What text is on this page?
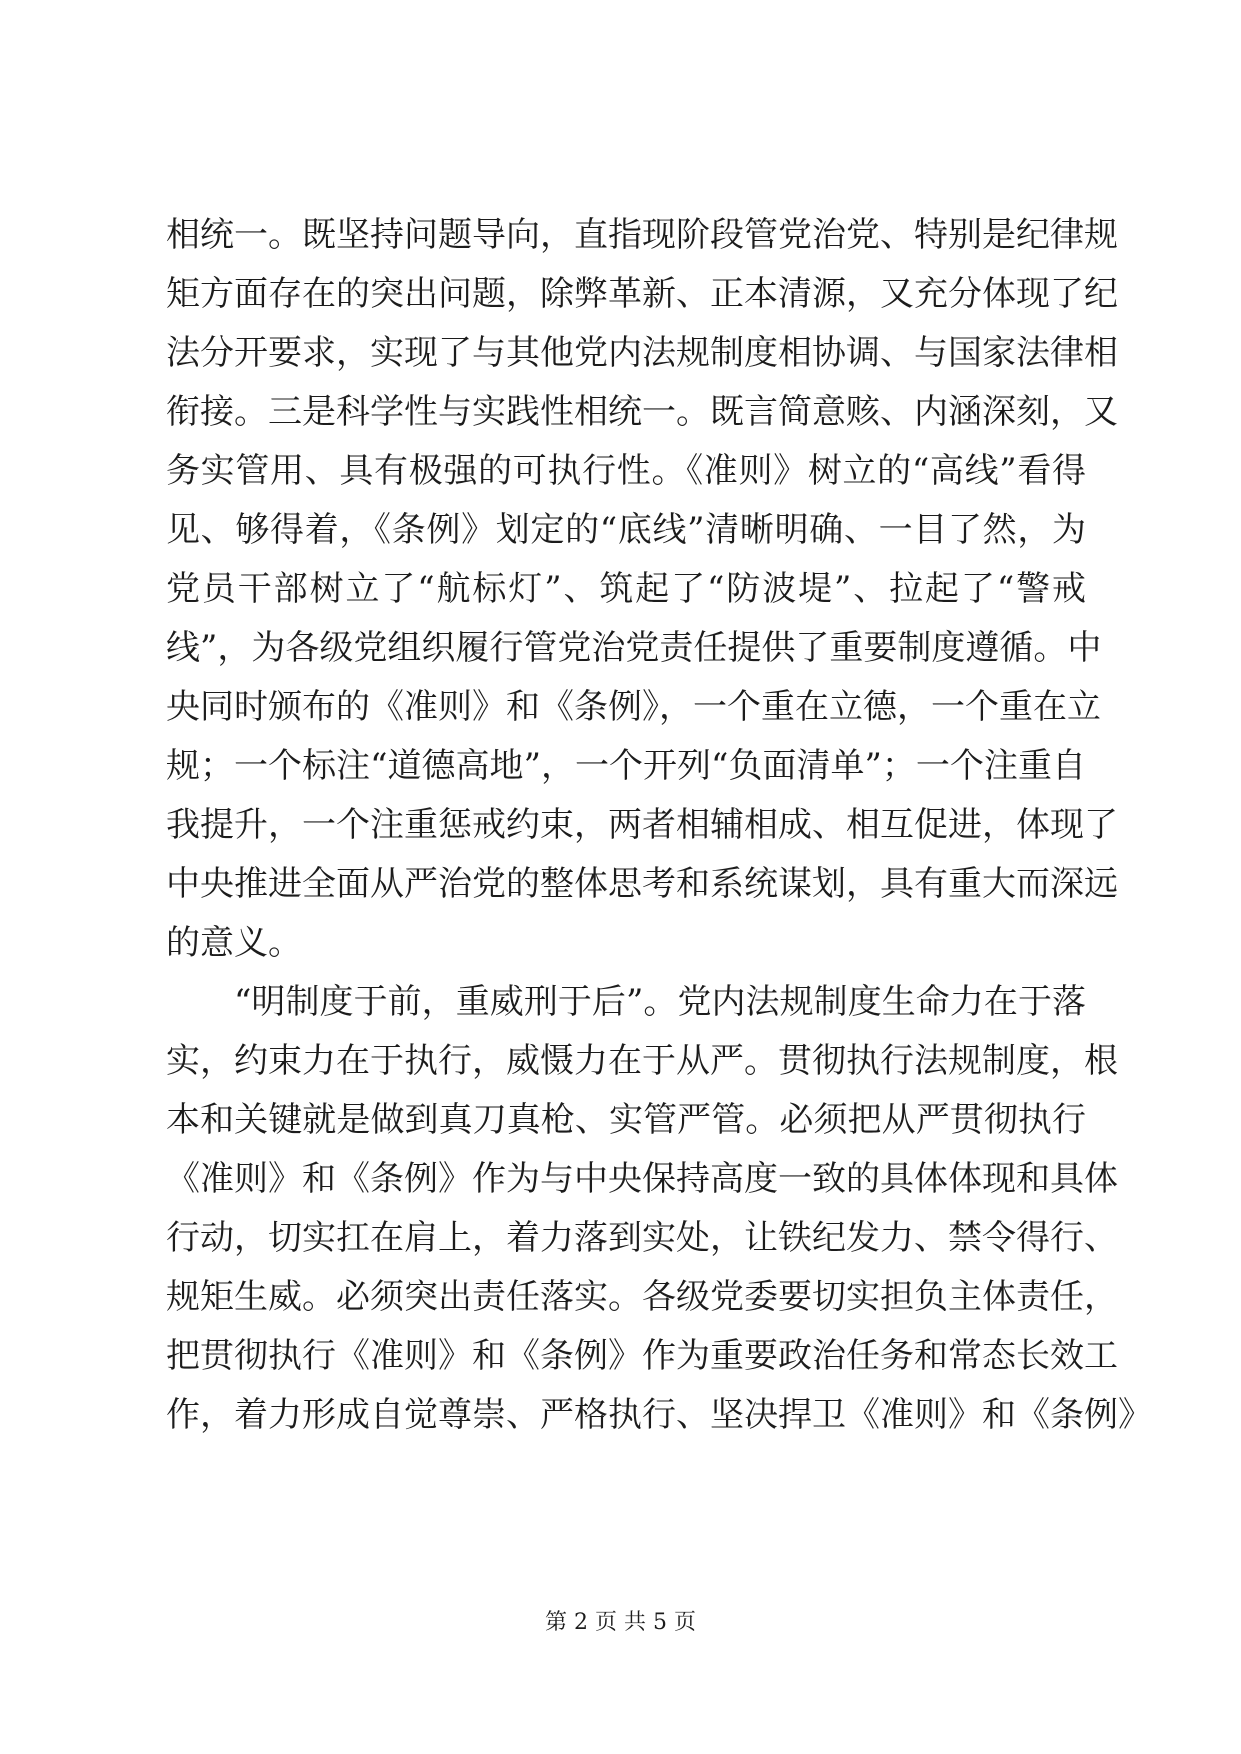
相统一。既坚持问题导向，直指现阶段管党治党、特别是纪律规
矩方面存在的突出问题，除弊革新、正本清源，又充分体现了纪
法分开要求，实现了与其他党内法规制度相协调、与国家法律相
衔接。三是科学性与实践性相统一。既言简意赅、内涵深刻，又
务实管用、具有极强的可执行性。《准则》树立的“高线”看得
见、够得着，《条例》划定的“底线”清晰明确、一目了然，为
党员干部树立了“航标灯”、筑起了“防波堤”、拉起了“警戒
线”，为各级党组织履行管党治党责任提供了重要制度遵循。中
央同时颁布的《准则》和《条例》，一个重在立德，一个重在立
规；一个标注“道德高地”，一个开列“负面清单”；一个注重自
我提升，一个注重惩戒约束，两者相辅相成、相互促进，体现了
中央推进全面从严治党的整体思考和系统谋划，具有重大而深远
的意义。
“明制度于前，重威刑于后”。党内法规制度生命力在于落
实，约束力在于执行，威慑力在于从严。贯彻执行法规制度，根
本和关键就是做到真刀真枪、实管严管。必须把从严贯彻执行
《准则》和《条例》作为与中央保持高度一致的具体体现和具体
行动，切实扛在肩上，着力落到实处，让铁纪发力、禁令得行、
规矩生威。必须突出责任落实。各级党委要切实担负主体责任，
把贯彻执行《准则》和《条例》作为重要政治任务和常态长效工
作，着力形成自觉尊崇、严格执行、坚决捍卫《准则》和《条例》
第 2 页 共 5 页
